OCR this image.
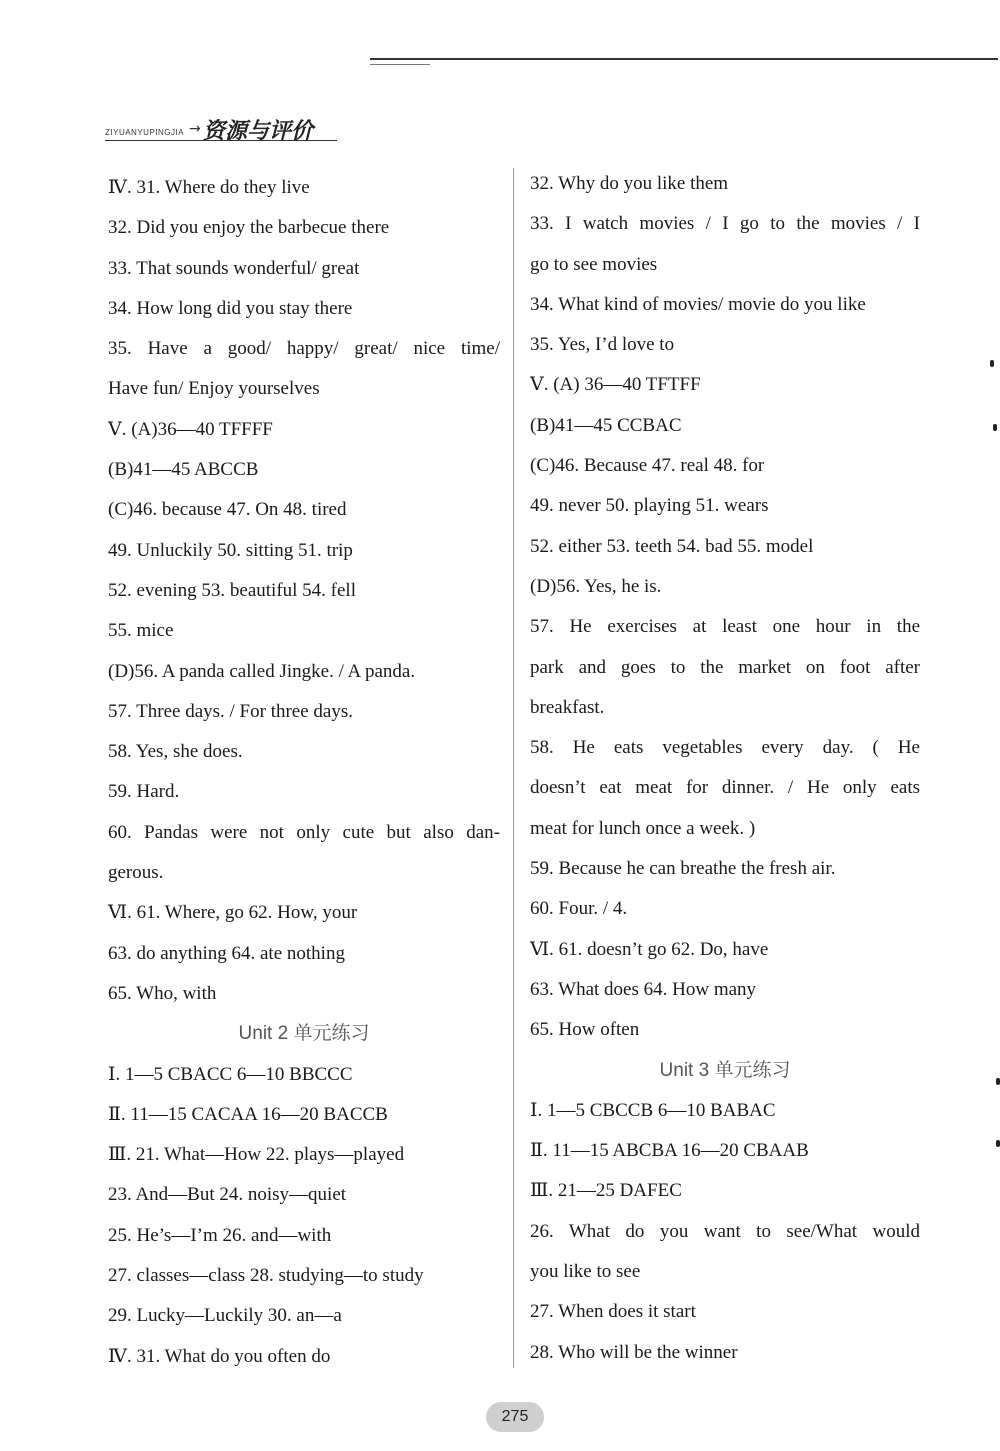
ZIYUANYUPINGJIA → 资源与评价
Ⅳ. 31. Where do they live
32. Did you enjoy the barbecue there
33. That sounds wonderful/ great
34. How long did you stay there
35. Have a good/ happy/ great/ nice time/
Have fun/ Enjoy yourselves
Ⅴ. (A)36—40 TFFFF
(B)41—45 ABCCB
(C)46. because 47. On 48. tired
49. Unluckily 50. sitting 51. trip
52. evening 53. beautiful 54. fell
55. mice
(D)56. A panda called Jingke. / A panda.
57. Three days. / For three days.
58. Yes, she does.
59. Hard.
60. Pandas were not only cute but also dan-
gerous.
Ⅵ. 61. Where, go 62. How, your
63. do anything 64. ate nothing
65. Who, with
Unit 2 单元练习
Ⅰ. 1—5 CBACC 6—10 BBCCC
Ⅱ. 11—15 CACAA 16—20 BACCB
Ⅲ. 21. What—How 22. plays—played
23. And—But 24. noisy—quiet
25. He’s—I’m 26. and—with
27. classes—class 28. studying—to study
29. Lucky—Luckily 30. an—a
Ⅳ. 31. What do you often do
32. Why do you like them
33. I watch movies / I go to the movies / I
go to see movies
34. What kind of movies/ movie do you like
35. Yes, I’d love to
Ⅴ. (A) 36—40 TFTFF
(B)41—45 CCBAC
(C)46. Because 47. real 48. for
49. never 50. playing 51. wears
52. either 53. teeth 54. bad 55. model
(D)56. Yes, he is.
57. He exercises at least one hour in the
park and goes to the market on foot after
breakfast.
58. He eats vegetables every day. ( He
doesn’t eat meat for dinner. / He only eats
meat for lunch once a week. )
59. Because he can breathe the fresh air.
60. Four. / 4.
Ⅵ. 61. doesn’t go 62. Do, have
63. What does 64. How many
65. How often
Unit 3 单元练习
Ⅰ. 1—5 CBCCB 6—10 BABAC
Ⅱ. 11—15 ABCBA 16—20 CBAAB
Ⅲ. 21—25 DAFEC
26. What do you want to see/What would
you like to see
27. When does it start
28. Who will be the winner
275
